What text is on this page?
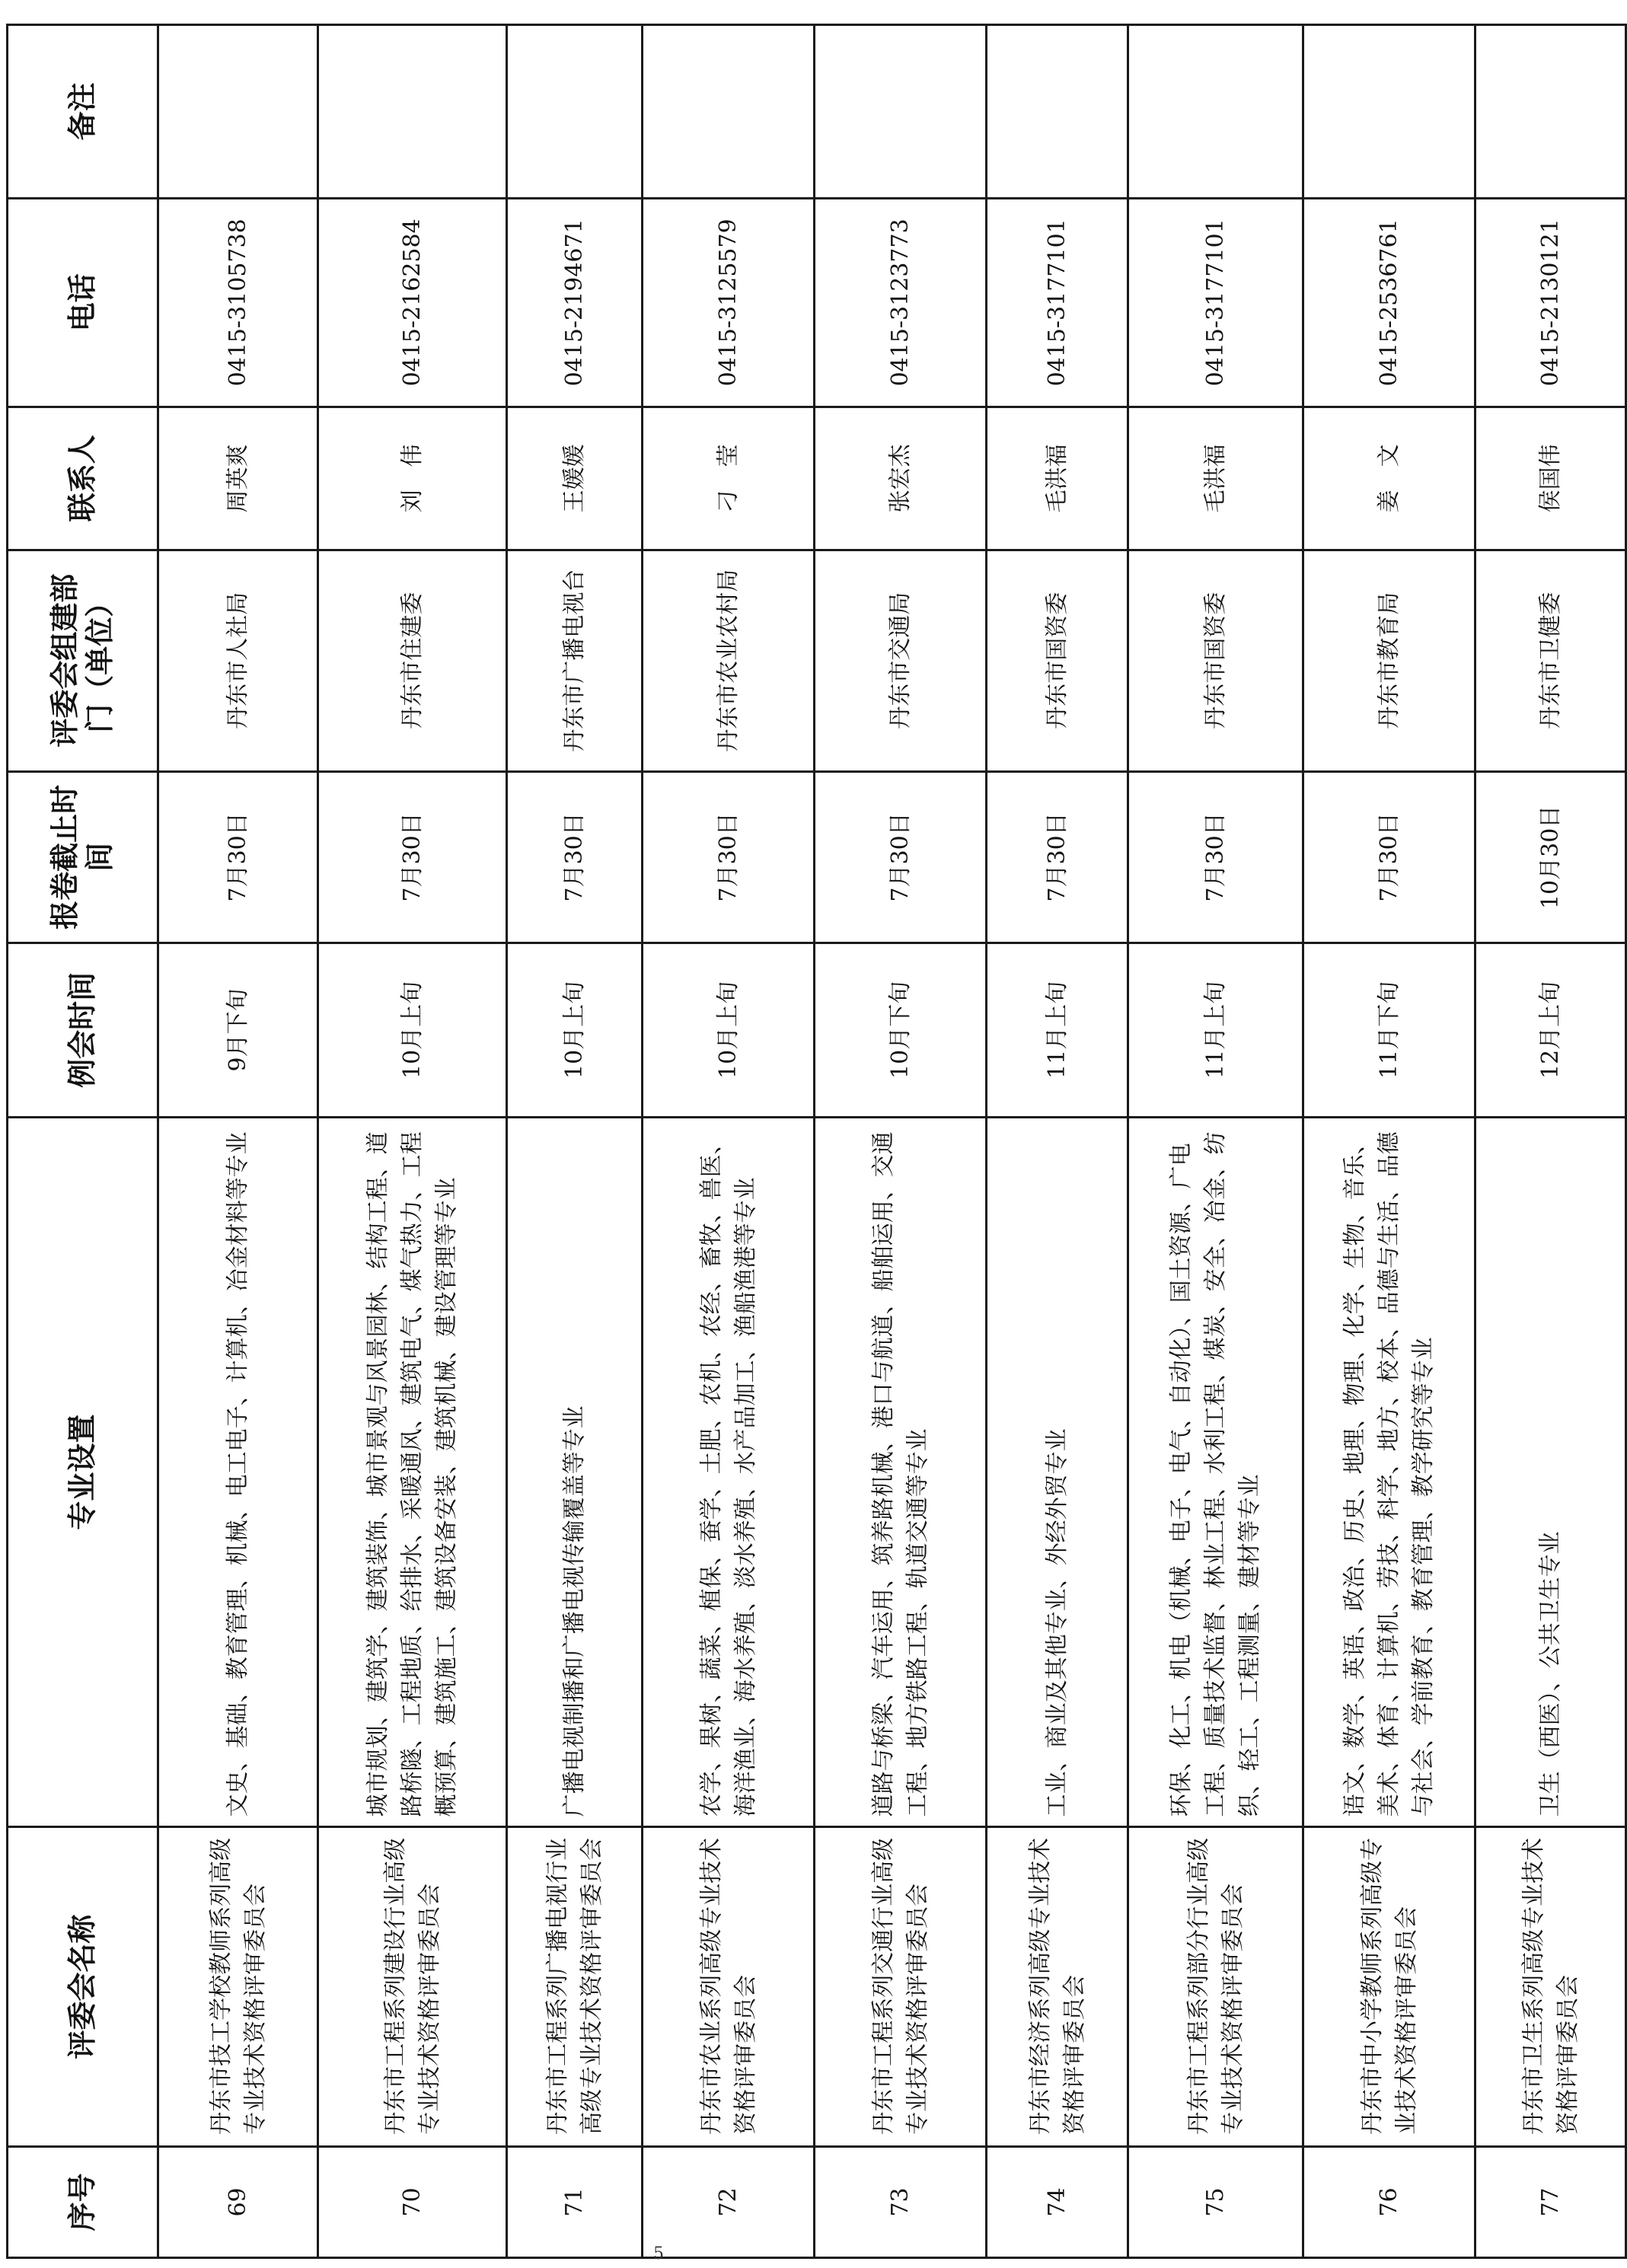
序号	评委会名称	专业设置	例会时间	报卷截止时间	评委会组建部门（单位）	联系人	电话	备注
69	丹东市技工学校教师系列高级专业技术资格评审委员会	文史、基础、教育管理、机械、电工电子、计算机、冶金材料等专业	9月下旬	7月30日	丹东市人社局	周英爽	0415-3105738	
70	丹东市工程系列建设行业高级专业技术资格评审委员会	城市规划、建筑学、建筑装饰、城市景观与风景园林、结构工程、道路桥隧、工程地质、给排水、采暖通风、建筑电气、煤气热力、工程概预算、建筑施工、建筑设备安装、建筑机械、建设管理等专业	10月上旬	7月30日	丹东市住建委	刘　伟	0415-2162584	
71	丹东市工程系列广播电视行业高级专业技术资格评审委员会	广播电视制播和广播电视传输覆盖等专业	10月上旬	7月30日	丹东市广播电视台	王媛媛	0415-2194671	
72	丹东市农业系列高级专业技术资格评审委员会	农学、果树、蔬菜、植保、蚕学、土肥、农机、农经、畜牧、兽医、海洋渔业、海水养殖、淡水养殖、水产品加工、渔船渔港等专业	10月上旬	7月30日	丹东市农业农村局	刁　莹	0415-3125579	
73	丹东市工程系列交通行业高级专业技术资格评审委员会	道路与桥梁、汽车运用、筑养路机械、港口与航道、船舶运用、交通工程、地方铁路工程、轨道交通等专业	10月下旬	7月30日	丹东市交通局	张宏杰	0415-3123773	
74	丹东市经济系列高级专业技术资格评审委员会	工业、商业及其他专业、外经外贸专业	11月上旬	7月30日	丹东市国资委	毛洪福	0415-3177101	
75	丹东市工程系列部分行业高级专业技术资格评审委员会	环保、化工、机电（机械、电子、电气、自动化）、国土资源、广电工程、质量技术监督、林业工程、水利工程、煤炭、安全、冶金、纺织、轻工、工程测量、建材等专业	11月上旬	7月30日	丹东市国资委	毛洪福	0415-3177101	
76	丹东市中小学教师系列高级专业技术资格评审委员会	语文、数学、英语、政治、历史、地理、物理、化学、生物、音乐、美术、体育、计算机、劳技、科学、地方、校本、品德与生活、品德与社会、学前教育、教育管理、教学研究等专业	11月下旬	7月30日	丹东市教育局	姜　文	0415-2536761	
77	丹东市卫生系列高级专业技术资格评审委员会	卫生（西医）、公共卫生专业	12月上旬	10月30日	丹东市卫健委	侯国伟	0415-2130121	
5
